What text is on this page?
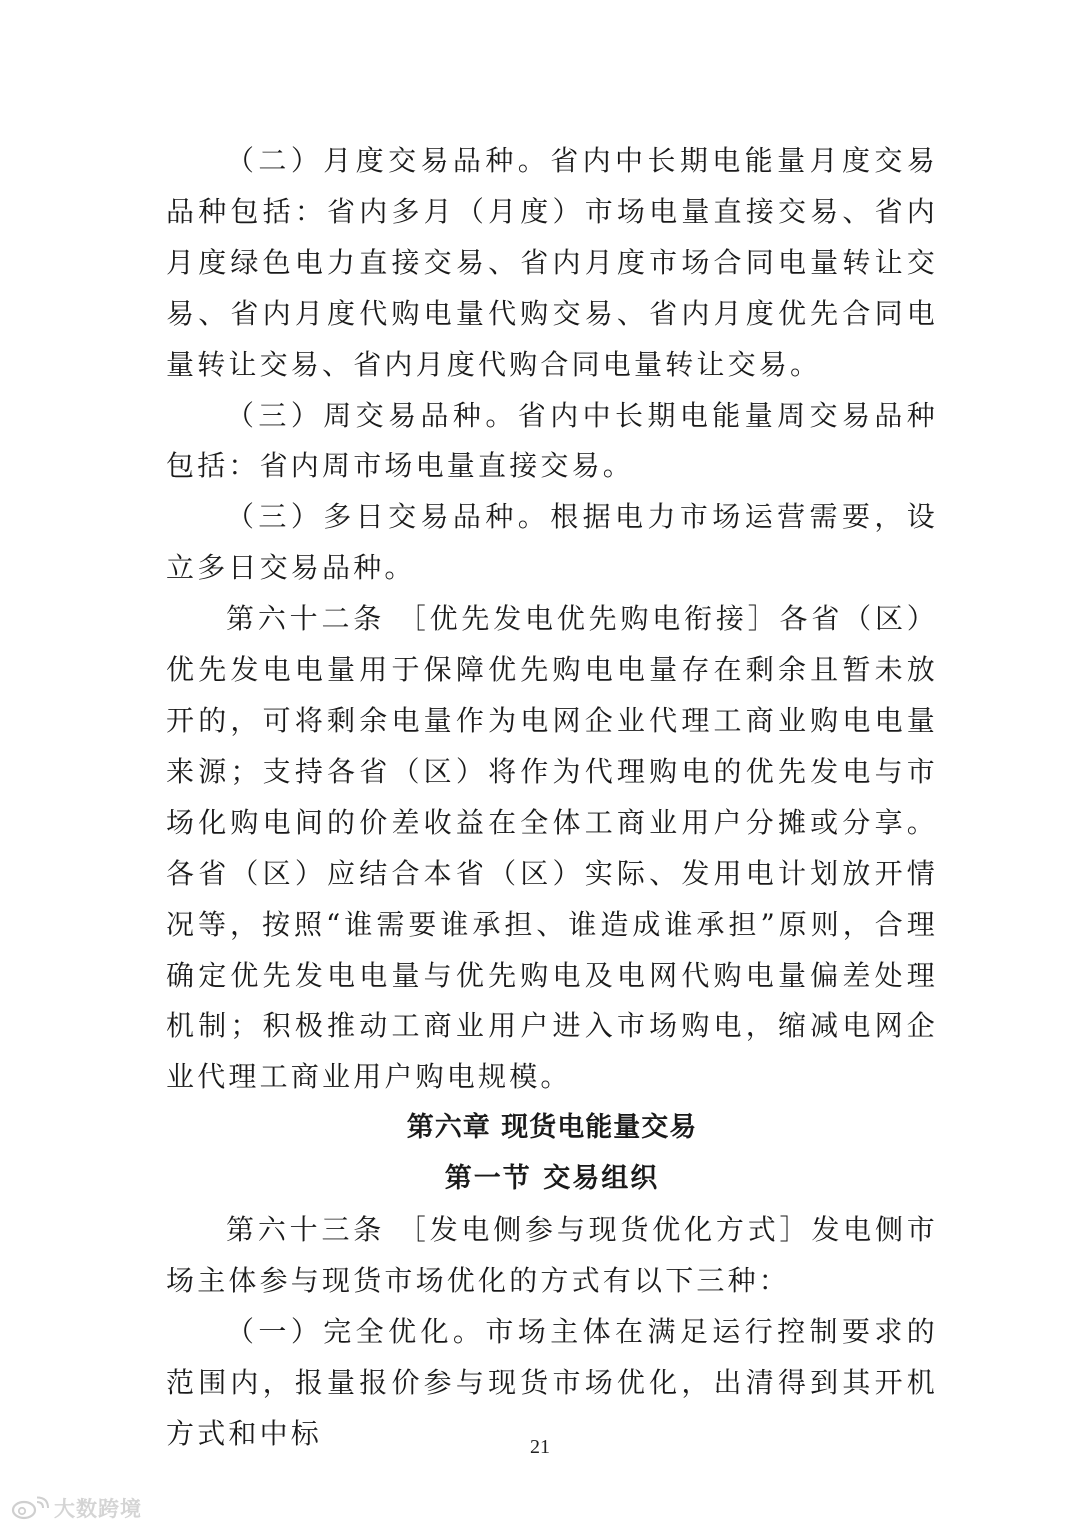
（二）月度交易品种。省内中长期电能量月度交易品种包括：省内多月（月度）市场电量直接交易、省内月度绿色电力直接交易、省内月度市场合同电量转让交易、省内月度代购电量代购交易、省内月度优先合同电量转让交易、省内月度代购合同电量转让交易。

（三）周交易品种。省内中长期电能量周交易品种包括：省内周市场电量直接交易。

（三）多日交易品种。根据电力市场运营需要，设立多日交易品种。

第六十二条 ［优先发电优先购电衔接］各省（区）优先发电电量用于保障优先购电电量存在剩余且暂未放开的，可将剩余电量作为电网企业代理工商业购电电量来源；支持各省（区）将作为代理购电的优先发电与市场化购电间的价差收益在全体工商业用户分摊或分享。各省（区）应结合本省（区）实际、发用电计划放开情况等，按照“谁需要谁承担、谁造成谁承担”原则，合理确定优先发电电量与优先购电及电网代购电量偏差处理机制；积极推动工商业用户进入市场购电，缩减电网企业代理工商业用户购电规模。

第六章 现货电能量交易
第一节 交易组织

第六十三条 ［发电侧参与现货优化方式］发电侧市场主体参与现货市场优化的方式有以下三种：

（一）完全优化。市场主体在满足运行控制要求的范围内，报量报价参与现货市场优化，出清得到其开机方式和中标	21
大数跨境
